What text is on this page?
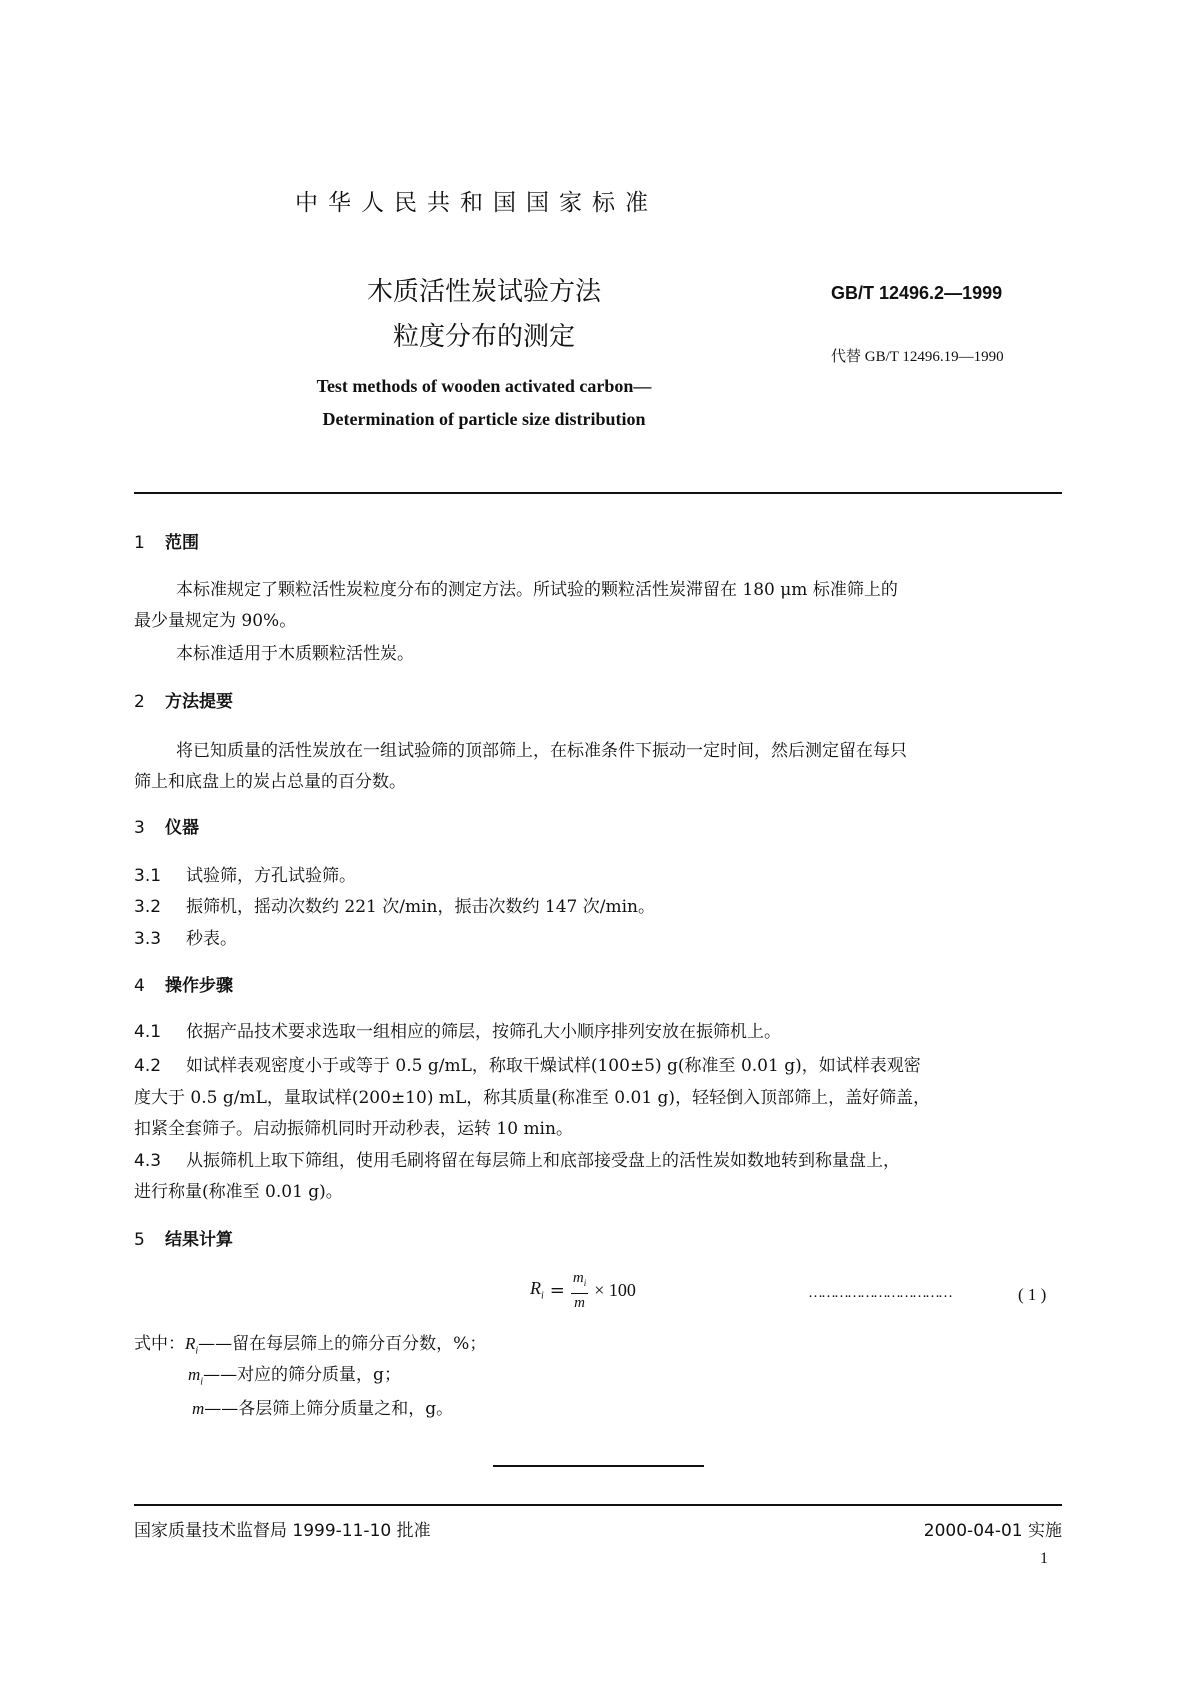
中华人民共和国国家标准
木质活性炭试验方法
粒度分布的测定
Test methods of wooden activated carbon—
Determination of particle size distribution
GB/T 12496.2—1999
代替 GB/T 12496.19—1990
1 范围
本标准规定了颗粒活性炭粒度分布的测定方法。所试验的颗粒活性炭滞留在 180 μm 标准筛上的
最少量规定为 90%。
本标准适用于木质颗粒活性炭。
2 方法提要
将已知质量的活性炭放在一组试验筛的顶部筛上，在标准条件下振动一定时间，然后测定留在每只
筛上和底盘上的炭占总量的百分数。
3 仪器
3.1 试验筛，方孔试验筛。
3.2 振筛机，摇动次数约 221 次/min，振击次数约 147 次/min。
3.3 秒表。
4 操作步骤
4.1 依据产品技术要求选取一组相应的筛层，按筛孔大小顺序排列安放在振筛机上。
4.2 如试样表观密度小于或等于 0.5 g/mL，称取干燥试样(100±5) g(称准至 0.01 g)，如试样表观密
度大于 0.5 g/mL，量取试样(200±10) mL，称其质量(称准至 0.01 g)，轻轻倒入顶部筛上，盖好筛盖，
扣紧全套筛子。启动振筛机同时开动秒表，运转 10 min。
4.3 从振筛机上取下筛组，使用毛刷将留在每层筛上和底部接受盘上的活性炭如数地转到称量盘上，
进行称量(称准至 0.01 g)。
5 结果计算
$R_i = \frac{m_i}{m} \times 100$	……………………………	( 1 )
式中：$R_i——$留在每层筛上的筛分百分数，%；
$m_i——$对应的筛分质量，g；
m——各层筛上筛分质量之和，g。
国家质量技术监督局 1999-11-10 批准	2000-04-01 实施
1
